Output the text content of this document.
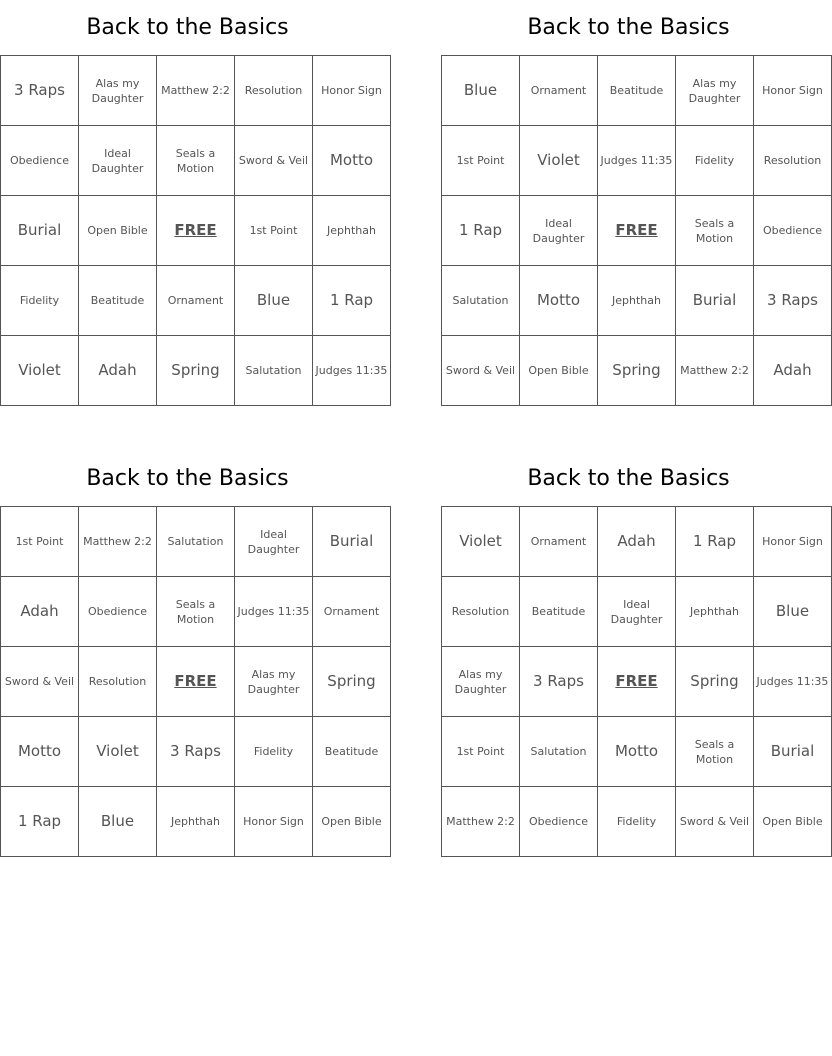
Back to the Basics
3 Raps	Alas my Daughter	Matthew 2:2	Resolution	Honor Sign
Obedience	Ideal Daughter	Seals a Motion	Sword & Veil	Motto
Burial	Open Bible	FREE	1st Point	Jephthah
Fidelity	Beatitude	Ornament	Blue	1 Rap
Violet	Adah	Spring	Salutation	Judges 11:35
Back to the Basics
Blue	Ornament	Beatitude	Alas my Daughter	Honor Sign
1st Point	Violet	Judges 11:35	Fidelity	Resolution
1 Rap	Ideal Daughter	FREE	Seals a Motion	Obedience
Salutation	Motto	Jephthah	Burial	3 Raps
Sword & Veil	Open Bible	Spring	Matthew 2:2	Adah
Back to the Basics
1st Point	Matthew 2:2	Salutation	Ideal Daughter	Burial
Adah	Obedience	Seals a Motion	Judges 11:35	Ornament
Sword & Veil	Resolution	FREE	Alas my Daughter	Spring
Motto	Violet	3 Raps	Fidelity	Beatitude
1 Rap	Blue	Jephthah	Honor Sign	Open Bible
Back to the Basics
Violet	Ornament	Adah	1 Rap	Honor Sign
Resolution	Beatitude	Ideal Daughter	Jephthah	Blue
Alas my Daughter	3 Raps	FREE	Spring	Judges 11:35
1st Point	Salutation	Motto	Seals a Motion	Burial
Matthew 2:2	Obedience	Fidelity	Sword & Veil	Open Bible
